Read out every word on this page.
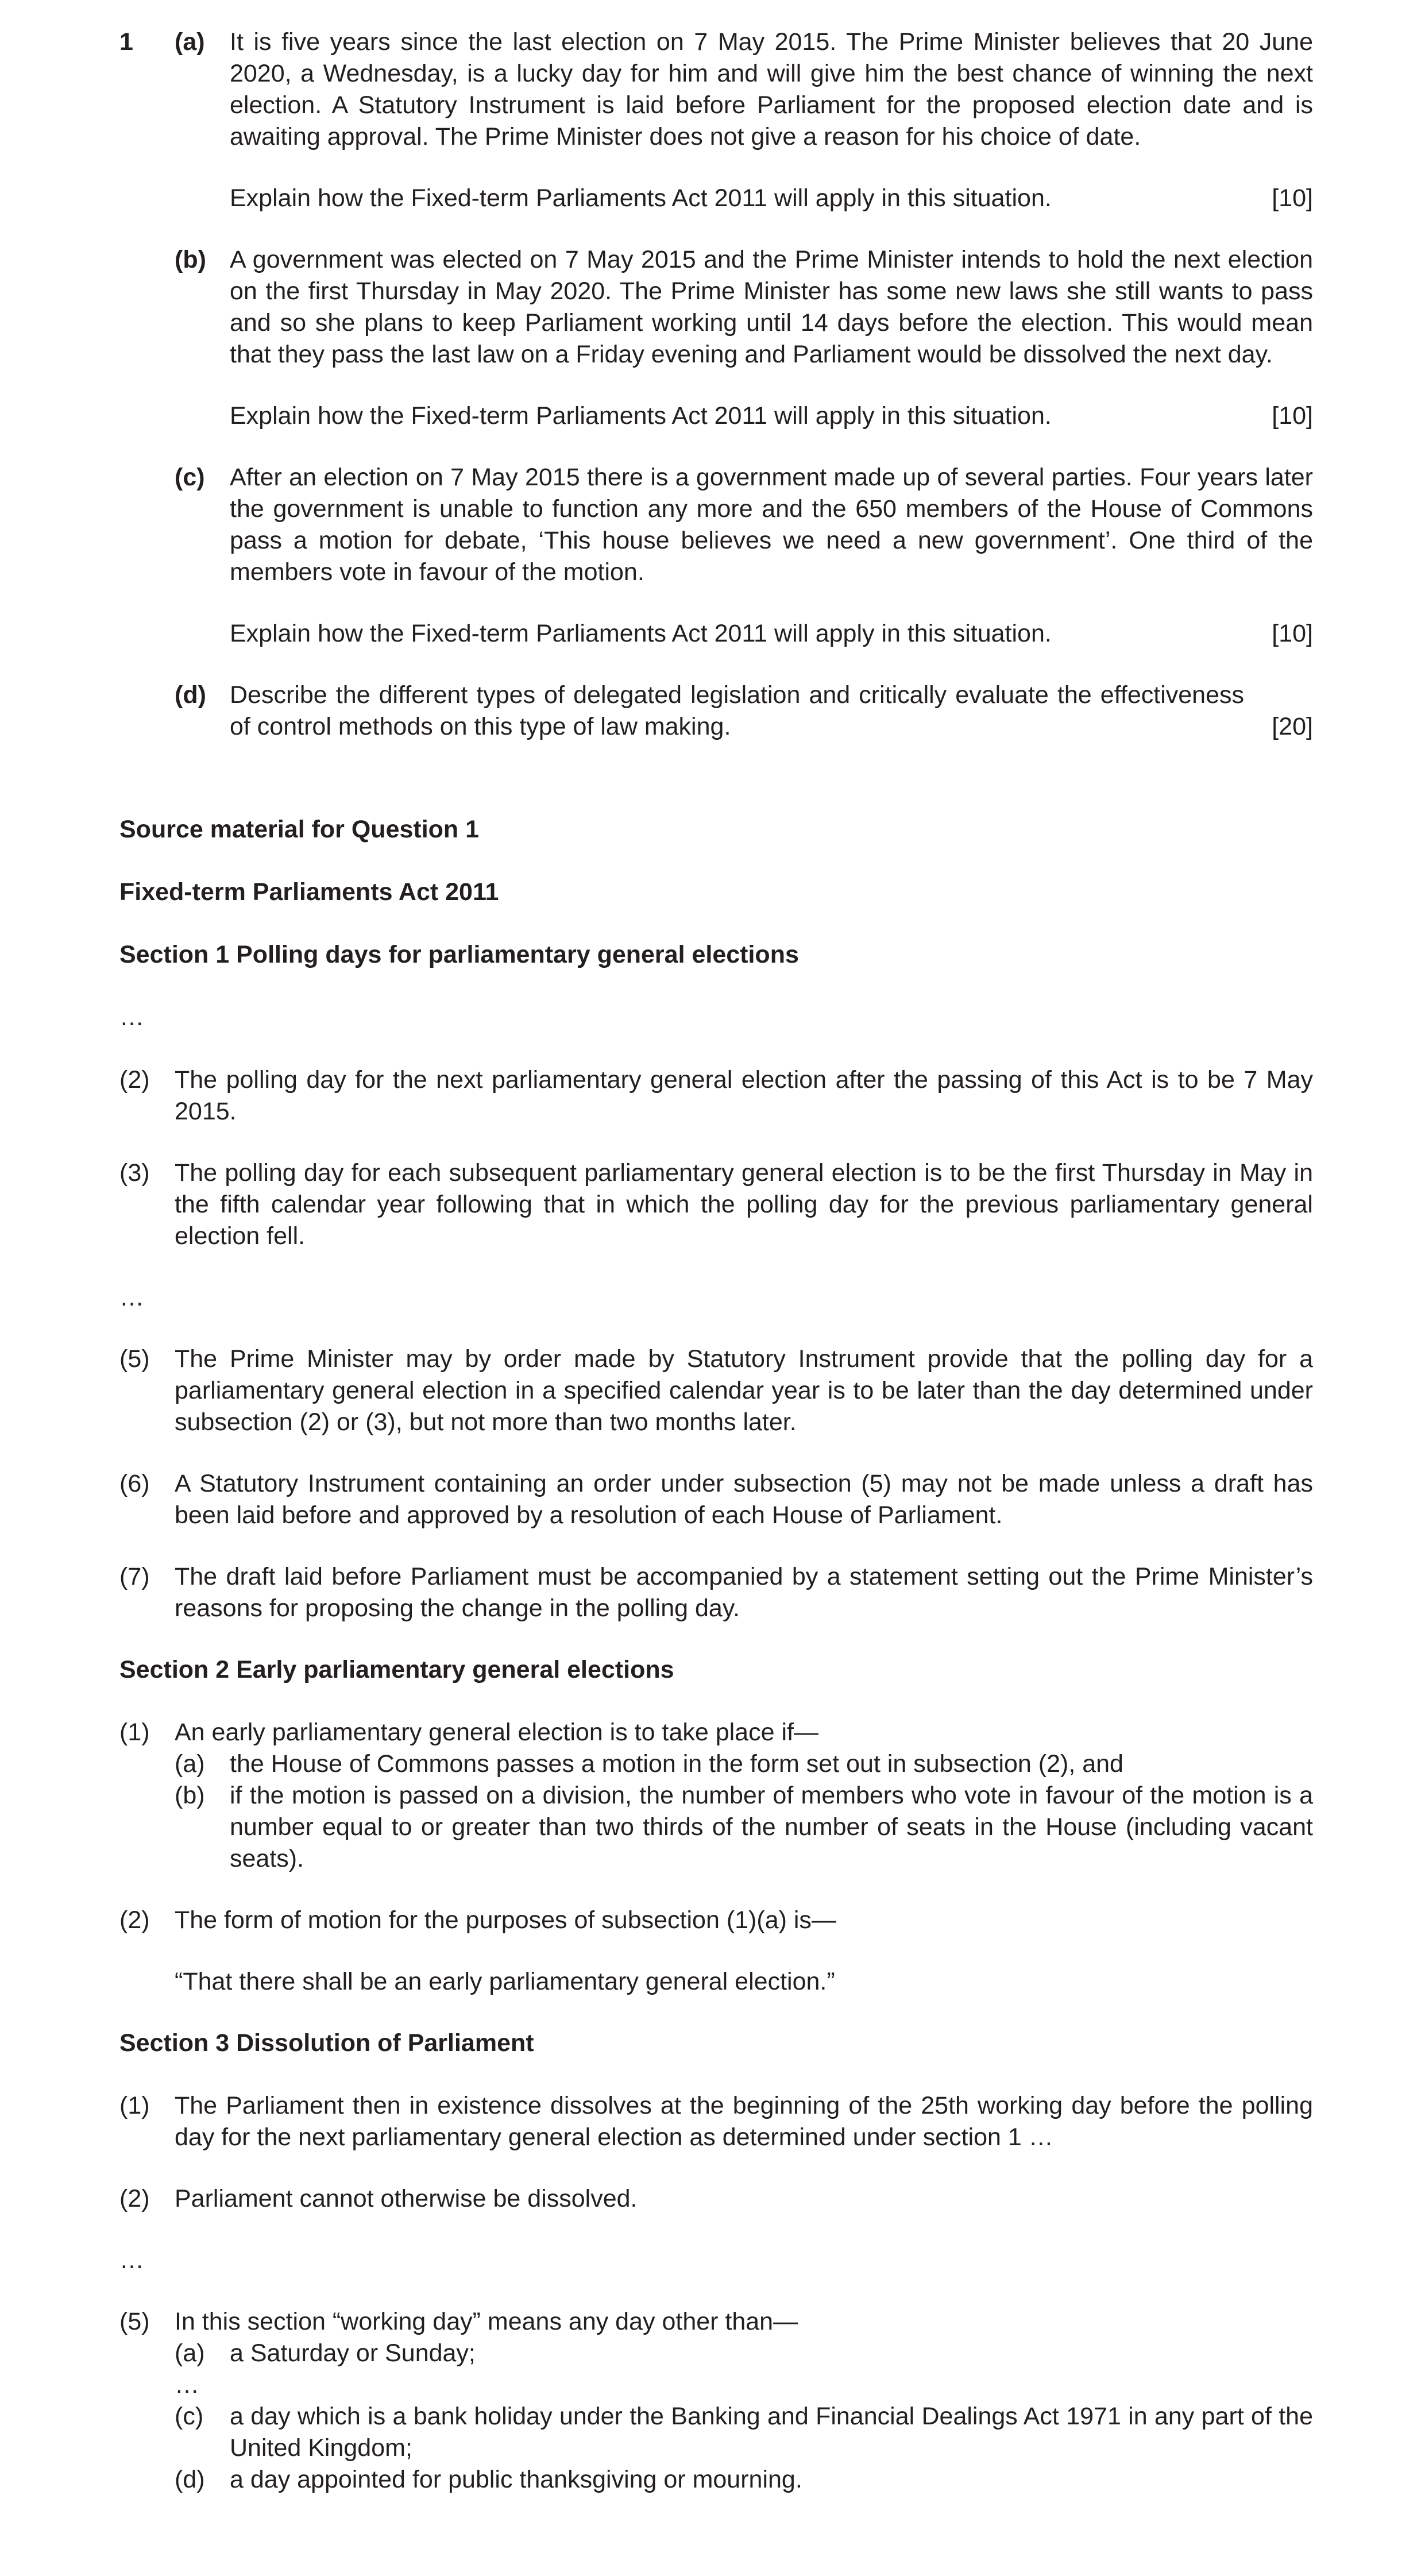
1 (a) It is five years since the last election on 7 May 2015. The Prime Minister believes that 20 June 2020, a Wednesday, is a lucky day for him and will give him the best chance of winning the next election. A Statutory Instrument is laid before Parliament for the proposed election date and is awaiting approval. The Prime Minister does not give a reason for his choice of date.

Explain how the Fixed-term Parliaments Act 2011 will apply in this situation.	[10]
(b) A government was elected on 7 May 2015 and the Prime Minister intends to hold the next election on the first Thursday in May 2020. The Prime Minister has some new laws she still wants to pass and so she plans to keep Parliament working until 14 days before the election. This would mean that they pass the last law on a Friday evening and Parliament would be dissolved the next day.

Explain how the Fixed-term Parliaments Act 2011 will apply in this situation.	[10]
(c) After an election on 7 May 2015 there is a government made up of several parties. Four years later the government is unable to function any more and the 650 members of the House of Commons pass a motion for debate, ‘This house believes we need a new government’. One third of the members vote in favour of the motion.

Explain how the Fixed-term Parliaments Act 2011 will apply in this situation.	[10]
(d) Describe the different types of delegated legislation and critically evaluate the effectiveness of control methods on this type of law making.	[20]
Source material for Question 1
Fixed-term Parliaments Act 2011
Section 1 Polling days for parliamentary general elections
…
(2) The polling day for the next parliamentary general election after the passing of this Act is to be 7 May 2015.

(3) The polling day for each subsequent parliamentary general election is to be the first Thursday in May in the fifth calendar year following that in which the polling day for the previous parliamentary general election fell.

…
(5) The Prime Minister may by order made by Statutory Instrument provide that the polling day for a parliamentary general election in a specified calendar year is to be later than the day determined under subsection (2) or (3), but not more than two months later.

(6) A Statutory Instrument containing an order under subsection (5) may not be made unless a draft has been laid before and approved by a resolution of each House of Parliament.

(7) The draft laid before Parliament must be accompanied by a statement setting out the Prime Minister’s reasons for proposing the change in the polling day.

Section 2 Early parliamentary general elections
(1) An early parliamentary general election is to take place if—

(a) the House of Commons passes a motion in the form set out in subsection (2), and

(b) if the motion is passed on a division, the number of members who vote in favour of the motion is a number equal to or greater than two thirds of the number of seats in the House (including vacant seats).

(2) The form of motion for the purposes of subsection (1)(a) is—

“That there shall be an early parliamentary general election.”
Section 3 Dissolution of Parliament
(1) The Parliament then in existence dissolves at the beginning of the 25th working day before the polling day for the next parliamentary general election as determined under section 1 …

(2) Parliament cannot otherwise be dissolved.

…
(5) In this section “working day” means any day other than—

(a) a Saturday or Sunday;

…

(c) a day which is a bank holiday under the Banking and Financial Dealings Act 1971 in any part of the United Kingdom;

(d) a day appointed for public thanksgiving or mourning.
